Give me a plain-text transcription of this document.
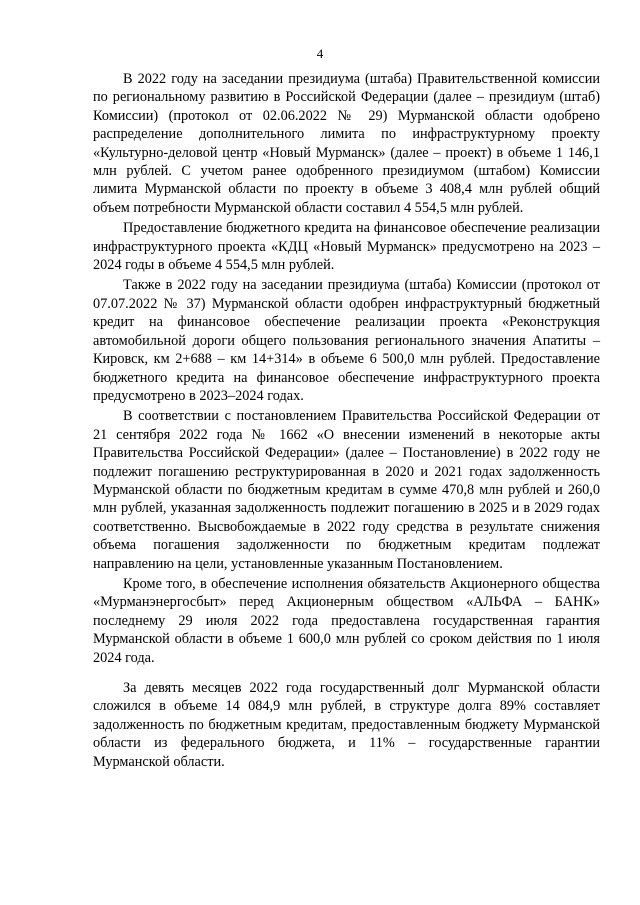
4

В 2022 году на заседании президиума (штаба) Правительственной комиссии по региональному развитию в Российской Федерации (далее – президиум (штаб) Комиссии) (протокол от 02.06.2022 № 29) Мурманской области одобрено распределение дополнительного лимита по инфраструктурному проекту «Культурно-деловой центр «Новый Мурманск» (далее – проект) в объеме 1 146,1 млн рублей. С учетом ранее одобренного президиумом (штабом) Комиссии лимита Мурманской области по проекту в объеме 3 408,4 млн рублей общий объем потребности Мурманской области составил 4 554,5 млн рублей.

Предоставление бюджетного кредита на финансовое обеспечение реализации инфраструктурного проекта «КДЦ «Новый Мурманск» предусмотрено на 2023 – 2024 годы в объеме 4 554,5 млн рублей.

Также в 2022 году на заседании президиума (штаба) Комиссии (протокол от 07.07.2022 № 37) Мурманской области одобрен инфраструктурный бюджетный кредит на финансовое обеспечение реализации проекта «Реконструкция автомобильной дороги общего пользования регионального значения Апатиты – Кировск, км 2+688 – км 14+314» в объеме 6 500,0 млн рублей. Предоставление бюджетного кредита на финансовое обеспечение инфраструктурного проекта предусмотрено в 2023–2024 годах.

В соответствии с постановлением Правительства Российской Федерации от 21 сентября 2022 года № 1662 «О внесении изменений в некоторые акты Правительства Российской Федерации» (далее – Постановление) в 2022 году не подлежит погашению реструктурированная в 2020 и 2021 годах задолженность Мурманской области по бюджетным кредитам в сумме 470,8 млн рублей и 260,0 млн рублей, указанная задолженность подлежит погашению в 2025 и в 2029 годах соответственно. Высвобождаемые в 2022 году средства в результате снижения объема погашения задолженности по бюджетным кредитам подлежат направлению на цели, установленные указанным Постановлением.

Кроме того, в обеспечение исполнения обязательств Акционерного общества «Мурманэнергосбыт» перед Акционерным обществом «АЛЬФА – БАНК» последнему 29 июля 2022 года предоставлена государственная гарантия Мурманской области в объеме 1 600,0 млн рублей со сроком действия по 1 июля 2024 года.

За девять месяцев 2022 года государственный долг Мурманской области сложился в объеме 14 084,9 млн рублей, в структуре долга 89% составляет задолженность по бюджетным кредитам, предоставленным бюджету Мурманской области из федерального бюджета, и 11% – государственные гарантии Мурманской области.
